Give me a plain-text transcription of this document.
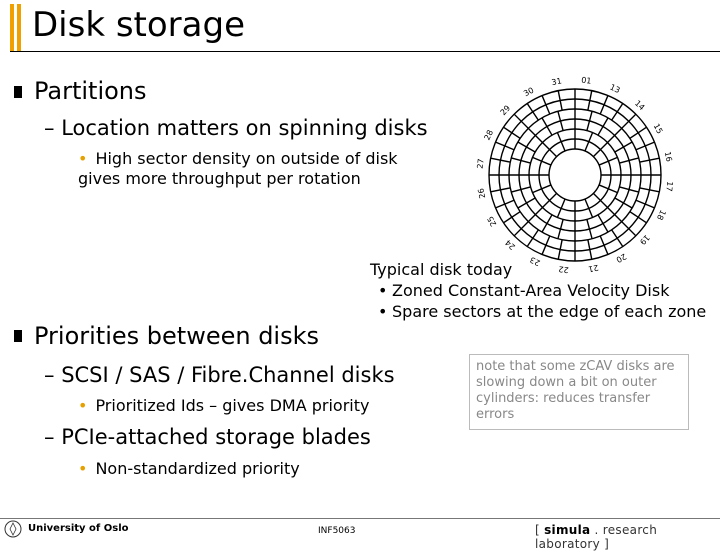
Disk storage
Partitions
– Location matters on spinning disks
• High sector density on outside of disk gives more throughput per rotation
01
31
30
29
28
27
26
25
24
23
22 21
20
19
18
17
16
15
14
13
Typical disk today
• Zoned Constant-Area Velocity Disk
• Spare sectors at the edge of each zone
Priorities between disks
– SCSI / SAS / Fibre.Channel disks
• Prioritized Ids – gives DMA priority
– PCIe-attached storage blades
• Non-standardized priority
note that some zCAV disks are slowing down a bit on outer cylinders: reduces transfer errors
University of Oslo	INF5063	[ simula . research laboratory ]
